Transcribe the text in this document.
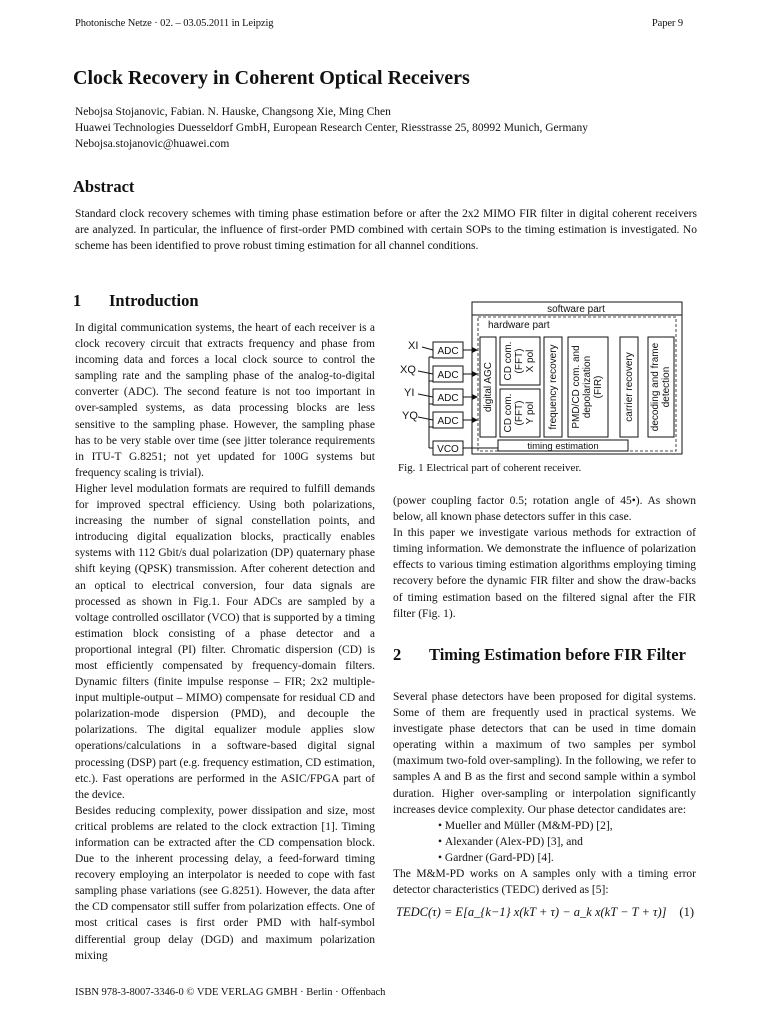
Photonische Netze · 02. – 03.05.2011 in Leipzig	Paper 9
Clock Recovery in Coherent Optical Receivers
Nebojsa Stojanovic, Fabian. N. Hauske, Changsong Xie, Ming Chen
Huawei Technologies Duesseldorf GmbH, European Research Center, Riesstrasse 25, 80992 Munich, Germany
Nebojsa.stojanovic@huawei.com
Abstract

Standard clock recovery schemes with timing phase estimation before or after the 2x2 MIMO FIR filter in digital coherent receivers are analyzed. In particular, the influence of first-order PMD combined with certain SOPs to the timing estimation is investigated. No scheme has been identified to prove robust timing estimation for all channel conditions.

1 Introduction

In digital communication systems, the heart of each receiver is a clock recovery circuit that extracts frequency and phase from incoming data and forces a local clock source to control the sampling rate and the sampling phase of the analog-to-digital converter (ADC). The second feature is not too important in over-sampled systems, as data processing blocks are less sensitive to the sampling phase. However, the sampling phase has to be very stable over time (see jitter tolerance requirements in ITU-T G.8251; not yet updated for 100G systems but frequency scaling is trivial).

Higher level modulation formats are required to fulfill demands for improved spectral efficiency. Using both polarizations, increasing the number of signal constellation points, and introducing digital equalization blocks, practically enables systems with 112 Gbit/s dual polarization (DP) quaternary phase shift keying (QPSK) transmission. After coherent detection and an optical to electrical conversion, four data signals are processed as shown in Fig.1. Four ADCs are sampled by a voltage controlled oscillator (VCO) that is supported by a timing estimation block consisting of a phase detector and a proportional integral (PI) filter. Chromatic dispersion (CD) is most efficiently compensated by frequency-domain filters. Dynamic filters (finite impulse response – FIR; 2x2 multiple-input multiple-output – MIMO) compensate for residual CD and polarization-mode dispersion (PMD), and decouple the polarizations. The digital equalizer module applies slow operations/calculations in a software-based digital signal processing (DSP) part (e.g. frequency estimation, CD estimation, etc.). Fast operations are performed in the ASIC/FPGA part of the device.

Besides reducing complexity, power dissipation and size, most critical problems are related to the clock extraction [1]. Timing information can be extracted after the CD compensation block. Due to the inherent processing delay, a feed-forward timing recovery employing an interpolator is needed to cope with fast sampling phase variations (see G.8251). However, the data after the CD compensator still suffer from polarization effects. One of most critical cases is first order PMD with half-symbol differential group delay (DGD) and maximum polarization mixing

software part
hardware part
XI
XQ
YI
YQ
ADC
ADC
ADC
ADC
VCO
digital AGC
CD com. (FFT) X pol
CD com. (FFT) Y pol frequency recovery PMD/CD com. and depolarization (FIR) carrier recovery decoding and frame detection
timing estimation
Fig. 1 Electrical part of coherent receiver.

(power coupling factor 0.5; rotation angle of 45•). As shown below, all known phase detectors suffer in this case.

In this paper we investigate various methods for extraction of timing information. We demonstrate the influence of polarization effects to various timing estimation algorithms employing timing recovery before the dynamic FIR filter and show the draw-backs of timing estimation based on the filtered signal after the FIR filter (Fig. 1).

2 Timing Estimation before FIR Filter

Several phase detectors have been proposed for digital systems. Some of them are frequently used in practical systems. We investigate phase detectors that can be used in time domain operating within a maximum of two samples per symbol (maximum two-fold over-sampling). In the following, we refer to samples A and B as the first and second sample within a symbol duration. Higher over-sampling or interpolation significantly increases device complexity. Our phase detector candidates are:

• Mueller and Müller (M&M-PD) [2],
• Alexander (Alex-PD) [3], and
• Gardner (Gard-PD) [4].

The M&M-PD works on A samples only with a timing error detector characteristics (TEDC) derived as [5]:

TEDC(τ) = E[a_{k−1} x(kT + τ) − a_k x(kT − T + τ)] (1)
ISBN 978-3-8007-3346-0 © VDE VERLAG GMBH · Berlin · Offenbach
